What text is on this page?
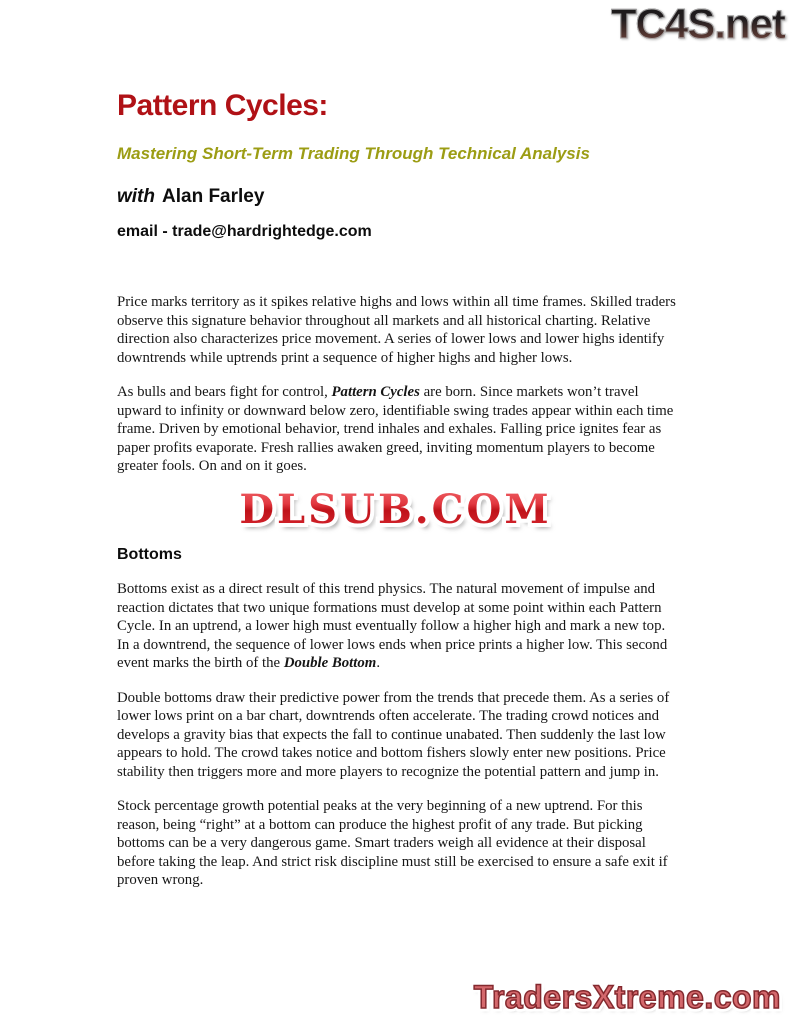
TC4S.net
Pattern Cycles:
Mastering Short-Term Trading Through Technical Analysis
with Alan Farley
email - trade@hardrightedge.com

Price marks territory as it spikes relative highs and lows within all time frames. Skilled traders observe this signature behavior throughout all markets and all historical charting. Relative direction also characterizes price movement. A series of lower lows and lower highs identify downtrends while uptrends print a sequence of higher highs and higher lows.

As bulls and bears fight for control, Pattern Cycles are born. Since markets won’t travel upward to infinity or downward below zero, identifiable swing trades appear within each time frame. Driven by emotional behavior, trend inhales and exhales. Falling price ignites fear as paper profits evaporate. Fresh rallies awaken greed, inviting momentum players to become greater fools. On and on it goes.

DLSUB.COM DLSUB.COM
Bottoms

Bottoms exist as a direct result of this trend physics. The natural movement of impulse and reaction dictates that two unique formations must develop at some point within each Pattern Cycle. In an uptrend, a lower high must eventually follow a higher high and mark a new top. In a downtrend, the sequence of lower lows ends when price prints a higher low. This second event marks the birth of the Double Bottom.

Double bottoms draw their predictive power from the trends that precede them. As a series of lower lows print on a bar chart, downtrends often accelerate. The trading crowd notices and develops a gravity bias that expects the fall to continue unabated. Then suddenly the last low appears to hold. The crowd takes notice and bottom fishers slowly enter new positions. Price stability then triggers more and more players to recognize the potential pattern and jump in.

Stock percentage growth potential peaks at the very beginning of a new uptrend. For this reason, being “right” at a bottom can produce the highest profit of any trade. But picking bottoms can be a very dangerous game. Smart traders weigh all evidence at their disposal before taking the leap. And strict risk discipline must still be exercised to ensure a safe exit if proven wrong.

TradersXtreme.com TradersXtreme.com
